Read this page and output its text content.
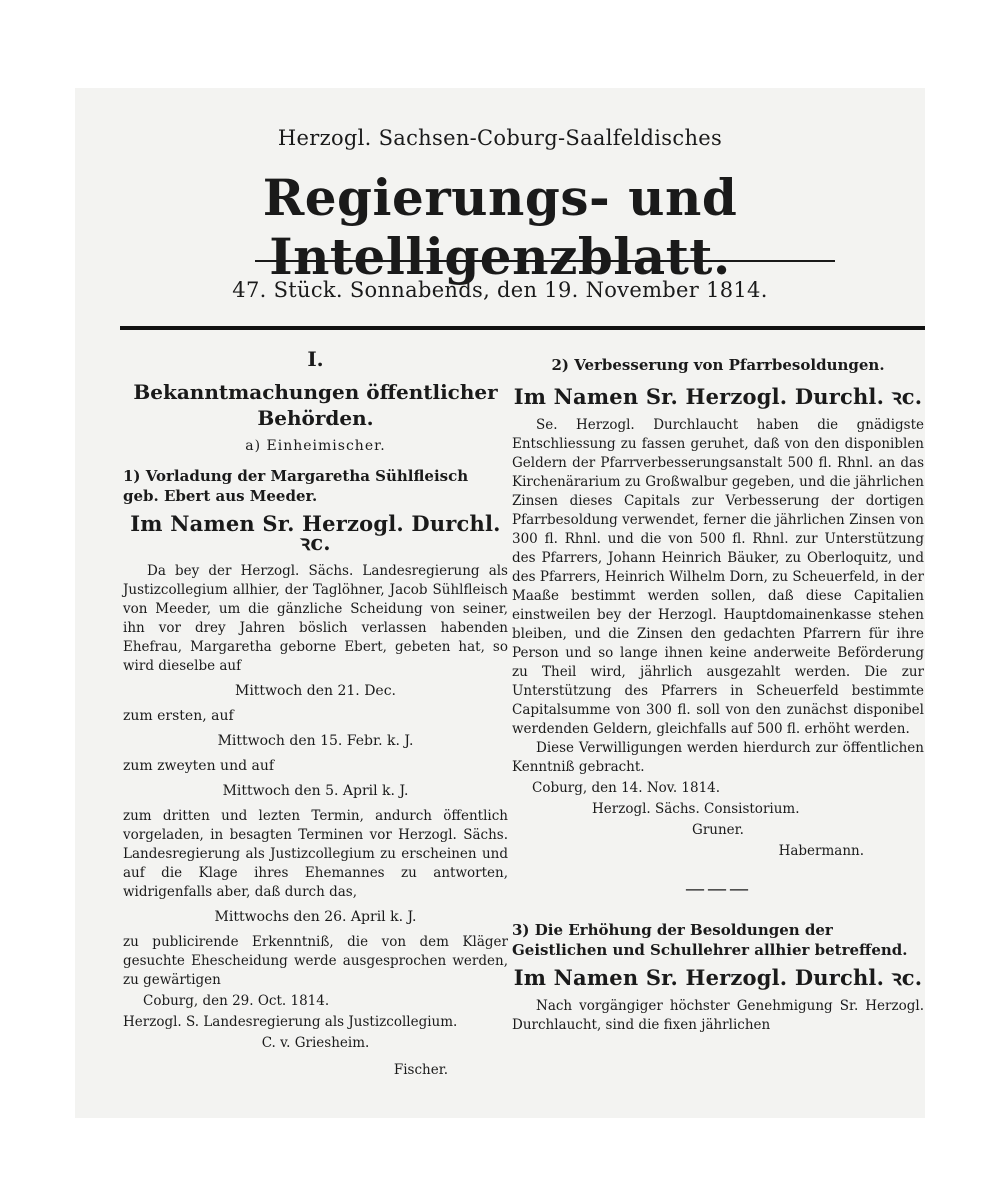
Herzogl. Sachsen-Coburg-Saalfeldisches
Regierungs- und Intelligenzblatt.
47. Stück. Sonnabends, den 19. November 1814.
I.
Bekanntmachungen öffentlicher Behörden.
a) Einheimischer.
1) Vorladung der Margaretha Sühlfleisch geb. Ebert aus Meeder.
Im Namen Sr. Herzogl. Durchl. ꝛc.

Da bey der Herzogl. Sächs. Landesregierung als Justizcollegium allhier, der Taglöhner, Jacob Sühlfleisch von Meeder, um die gänzliche Scheidung von seiner, ihn vor drey Jahren böslich verlassen habenden Ehefrau, Margaretha geborne Ebert, gebeten hat, so wird dieselbe auf

Mittwoch den 21. Dec.
zum ersten, auf
Mittwoch den 15. Febr. k. J.
zum zweyten und auf
Mittwoch den 5. April k. J.

zum dritten und lezten Termin, andurch öffentlich vorgeladen, in besagten Terminen vor Herzogl. Sächs. Landesregierung als Justizcollegium zu erscheinen und auf die Klage ihres Ehemannes zu antworten, widrigenfalls aber, daß durch das,

Mittwochs den 26. April k. J.

zu publicirende Erkenntniß, die von dem Kläger gesuchte Ehescheidung werde ausgesprochen werden, zu gewärtigen

Coburg, den 29. Oct. 1814.
Herzogl. S. Landesregierung als Justizcollegium.
C. v. Griesheim.
Fischer.
2) Verbesserung von Pfarrbesoldungen.
Im Namen Sr. Herzogl. Durchl. ꝛc.

Se. Herzogl. Durchlaucht haben die gnädigste Entschliessung zu fassen geruhet, daß von den disponiblen Geldern der Pfarrverbesserungsanstalt 500 fl. Rhnl. an das Kirchenärarium zu Großwalbur gegeben, und die jährlichen Zinsen dieses Capitals zur Verbesserung der dortigen Pfarrbesoldung verwendet, ferner die jährlichen Zinsen von 300 fl. Rhnl. und die von 500 fl. Rhnl. zur Unterstützung des Pfarrers, Johann Heinrich Bäuker, zu Oberloquitz, und des Pfarrers, Heinrich Wilhelm Dorn, zu Scheuerfeld, in der Maaße bestimmt werden sollen, daß diese Capitalien einstweilen bey der Herzogl. Hauptdomainenkasse stehen bleiben, und die Zinsen den gedachten Pfarrern für ihre Person und so lange ihnen keine anderweite Beförderung zu Theil wird, jährlich ausgezahlt werden. Die zur Unterstützung des Pfarrers in Scheuerfeld bestimmte Capitalsumme von 300 fl. soll von den zunächst disponibel werdenden Geldern, gleichfalls auf 500 fl. erhöht werden.

Diese Verwilligungen werden hierdurch zur öffentlichen Kenntniß gebracht.

Coburg, den 14. Nov. 1814.
Herzogl. Sächs. Consistorium.
Gruner.
Habermann.
———
3) Die Erhöhung der Besoldungen der Geistlichen und Schullehrer allhier betreffend.
Im Namen Sr. Herzogl. Durchl. ꝛc.

Nach vorgängiger höchster Genehmigung Sr. Herzogl. Durchlaucht, sind die fixen jährlichen
